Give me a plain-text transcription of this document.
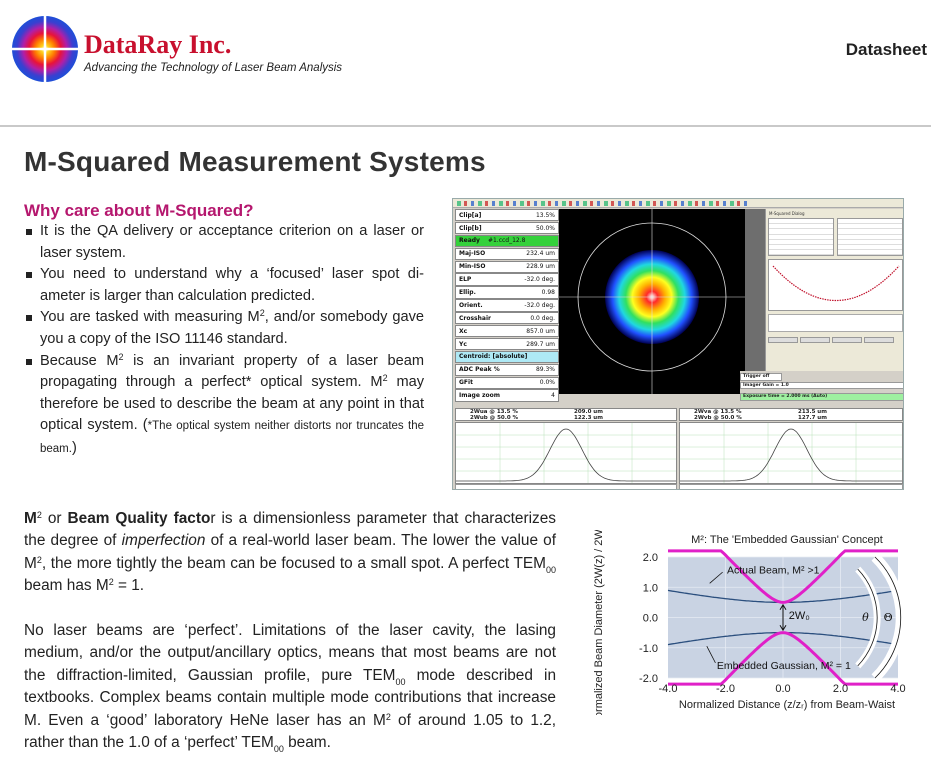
DataRay Inc.
Advancing the Technology of Laser Beam Analysis
Datasheet
M-Squared Measurement Systems
Why care about M-Squared?
It is the QA delivery or acceptance criterion on a laser or laser system.
You need to understand why a ‘focused’ laser spot di-ameter is larger than calculation predicted.
You are tasked with measuring $M^2$, and/or somebody gave you a copy of the ISO 11146 standard.
Because $M^2$ is an invariant property of a laser beam propagating through a perfect* optical system. $M^2$ may therefore be used to describe the beam at any point in that optical system. (*The optical system neither distorts nor truncates the beam.)
Clip[a]	13.5%
Clip[b]	50.0%
Ready #1.ccd_12.8
Maj-ISO	232.4 um
Min-ISO	228.9 um
ELP	-32.0 deg.
Ellip.	0.98
Orient.	-32.0 deg.
Crosshair	0.0 deg.
Xc	857.0 um
Yc	289.7 um
Centroid: [absolute]
ADC Peak %	89.3%
GFit	0.0%
Image zoom	4
M-Squared Dialog
Trigger off
Imager Gain = 1.0
Exposure time = 2.000 ms (Auto)
2Wua @ 13.5 %	209.0 um
2Wub @ 50.0 %	122.3 um
2Wva @ 13.5 %	213.5 um
2Wvb @ 50.0 %	127.7 um

$M^2$ or Beam Quality factor is a dimensionless parameter that characterizes the degree of imperfection of a real-world laser beam. The lower the value of $M^2$, the more tightly the beam can be focused to a small spot. A perfect $TEM_{00}$ beam has $M^2 = 1$.

No laser beams are ‘perfect’. Limitations of the laser cavity, the lasing medium, and/or the output/ancillary optics, means that most beams are not the diffraction-limited, Gaussian profile, pure $TEM_{00}$ mode described in textbooks. Complex beams contain multiple mode contributions that increase M. Even a ‘good’ laboratory HeNe laser has an $M^2$ of around 1.05 to 1.2, rather than the 1.0 of a ‘perfect’ $TEM_{00}$ beam.

2W₀
Actual Beam, M² >1
Embedded Gaussian, M² = 1
θ Θ
2.0
1.0
0.0
-1.0
-2.0
-4.0	-2.0	0.0	2.0	4.0
M²: The 'Embedded Gaussian' Concept
Normalized Distance (z/zᵣ) from Beam-Waist
Normalized Beam Diameter (2W(z) / 2W₀)
